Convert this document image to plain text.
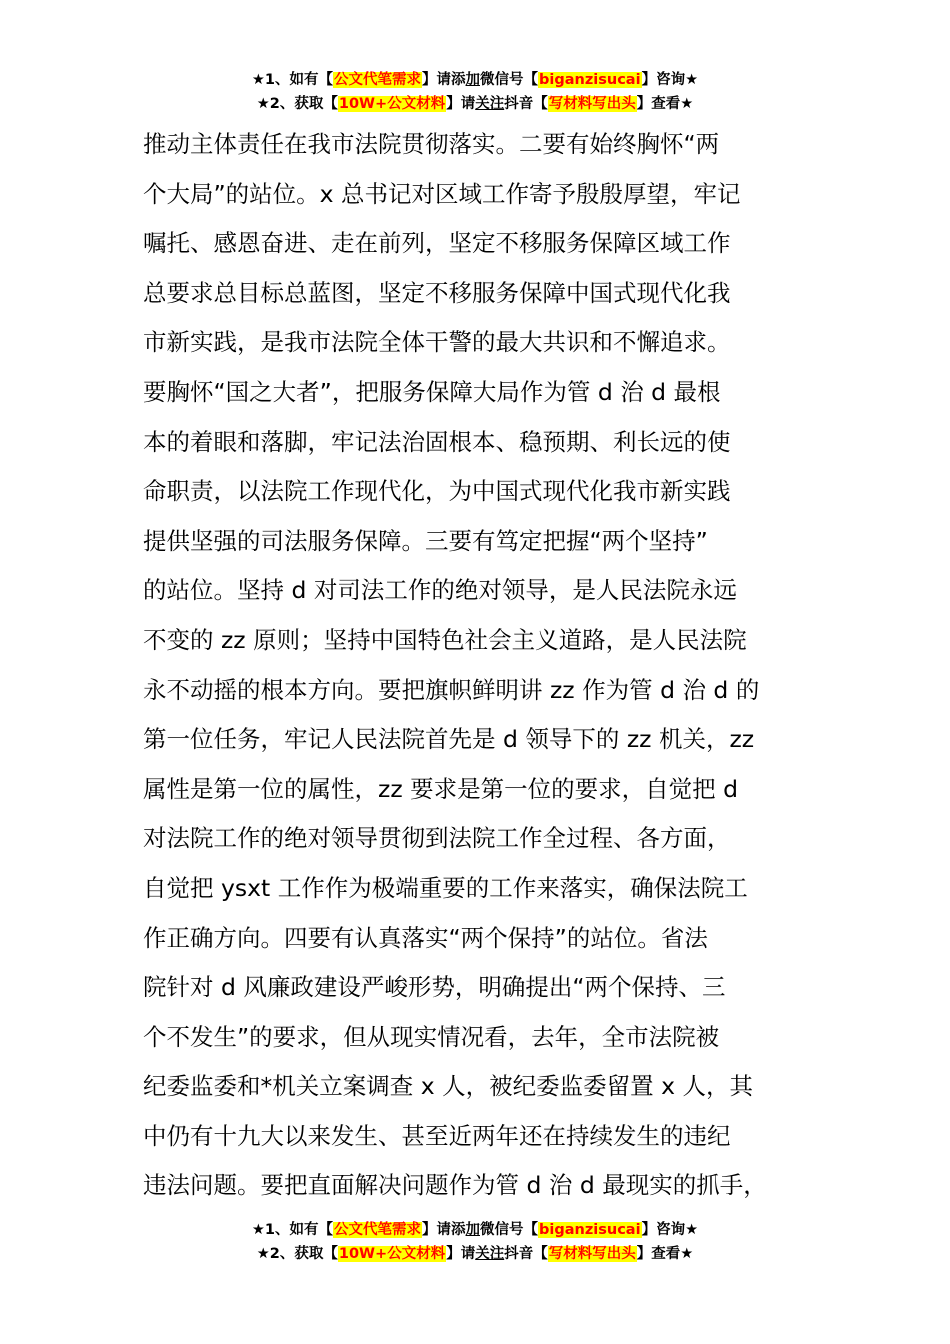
★1、如有【公文代笔需求】请添加微信号【biganzisucai】咨询★
★2、获取【10W+公文材料】请关注抖音【写材料写出头】查看★
推动主体责任在我市法院贯彻落实。二要有始终胸怀“两
个大局”的站位。x 总书记对区域工作寄予殷殷厚望，牢记
嘱托、感恩奋进、走在前列，坚定不移服务保障区域工作
总要求总目标总蓝图，坚定不移服务保障中国式现代化我
市新实践，是我市法院全体干警的最大共识和不懈追求。
要胸怀“国之大者”，把服务保障大局作为管 d 治 d 最根
本的着眼和落脚，牢记法治固根本、稳预期、利长远的使
命职责，以法院工作现代化，为中国式现代化我市新实践
提供坚强的司法服务保障。三要有笃定把握“两个坚持”
的站位。坚持 d 对司法工作的绝对领导，是人民法院永远
不变的 zz 原则；坚持中国特色社会主义道路，是人民法院
永不动摇的根本方向。要把旗帜鲜明讲 zz 作为管 d 治 d 的
第一位任务，牢记人民法院首先是 d 领导下的 zz 机关，zz
属性是第一位的属性，zz 要求是第一位的要求，自觉把 d
对法院工作的绝对领导贯彻到法院工作全过程、各方面，
自觉把 ysxt 工作作为极端重要的工作来落实，确保法院工
作正确方向。四要有认真落实“两个保持”的站位。省法
院针对 d 风廉政建设严峻形势，明确提出“两个保持、三
个不发生”的要求，但从现实情况看，去年，全市法院被
纪委监委和*机关立案调查 x 人，被纪委监委留置 x 人，其
中仍有十九大以来发生、甚至近两年还在持续发生的违纪
违法问题。要把直面解决问题作为管 d 治 d 最现实的抓手，
★1、如有【公文代笔需求】请添加微信号【biganzisucai】咨询★
★2、获取【10W+公文材料】请关注抖音【写材料写出头】查看★
